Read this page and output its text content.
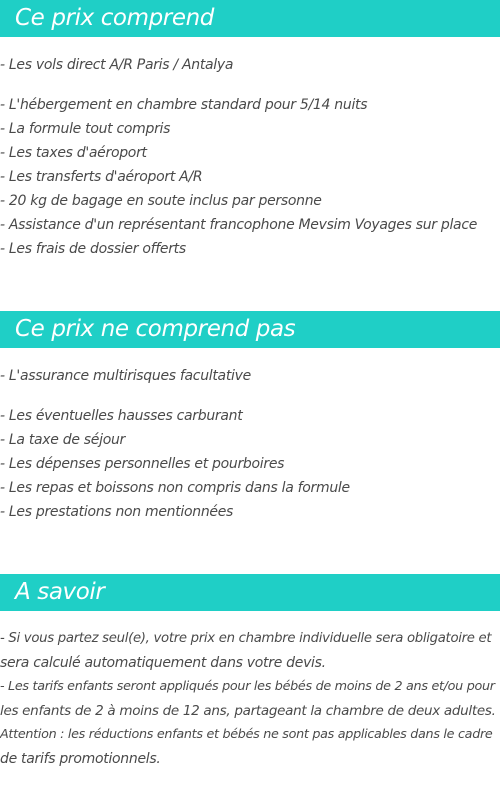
Ce prix comprend
- Les vols direct A/R Paris / Antalya
- L'hébergement en chambre standard pour 5/14 nuits
- La formule tout compris
- Les taxes d'aéroport
- Les transferts d'aéroport A/R
- 20 kg de bagage en soute inclus par personne
- Assistance d'un représentant francophone Mevsim Voyages sur place
- Les frais de dossier offerts
Ce prix ne comprend pas
- L'assurance multirisques facultative
- Les éventuelles hausses carburant
- La taxe de séjour
- Les dépenses personnelles et pourboires
- Les repas et boissons non compris dans la formule
- Les prestations non mentionnées
A savoir
- Si vous partez seul(e), votre prix en chambre individuelle sera obligatoire et
sera calculé automatiquement dans votre devis.
- Les tarifs enfants seront appliqués pour les bébés de moins de 2 ans et/ou pour
les enfants de 2 à moins de 12 ans, partageant la chambre de deux adultes.
Attention : les réductions enfants et bébés ne sont pas applicables dans le cadre
de tarifs promotionnels.
